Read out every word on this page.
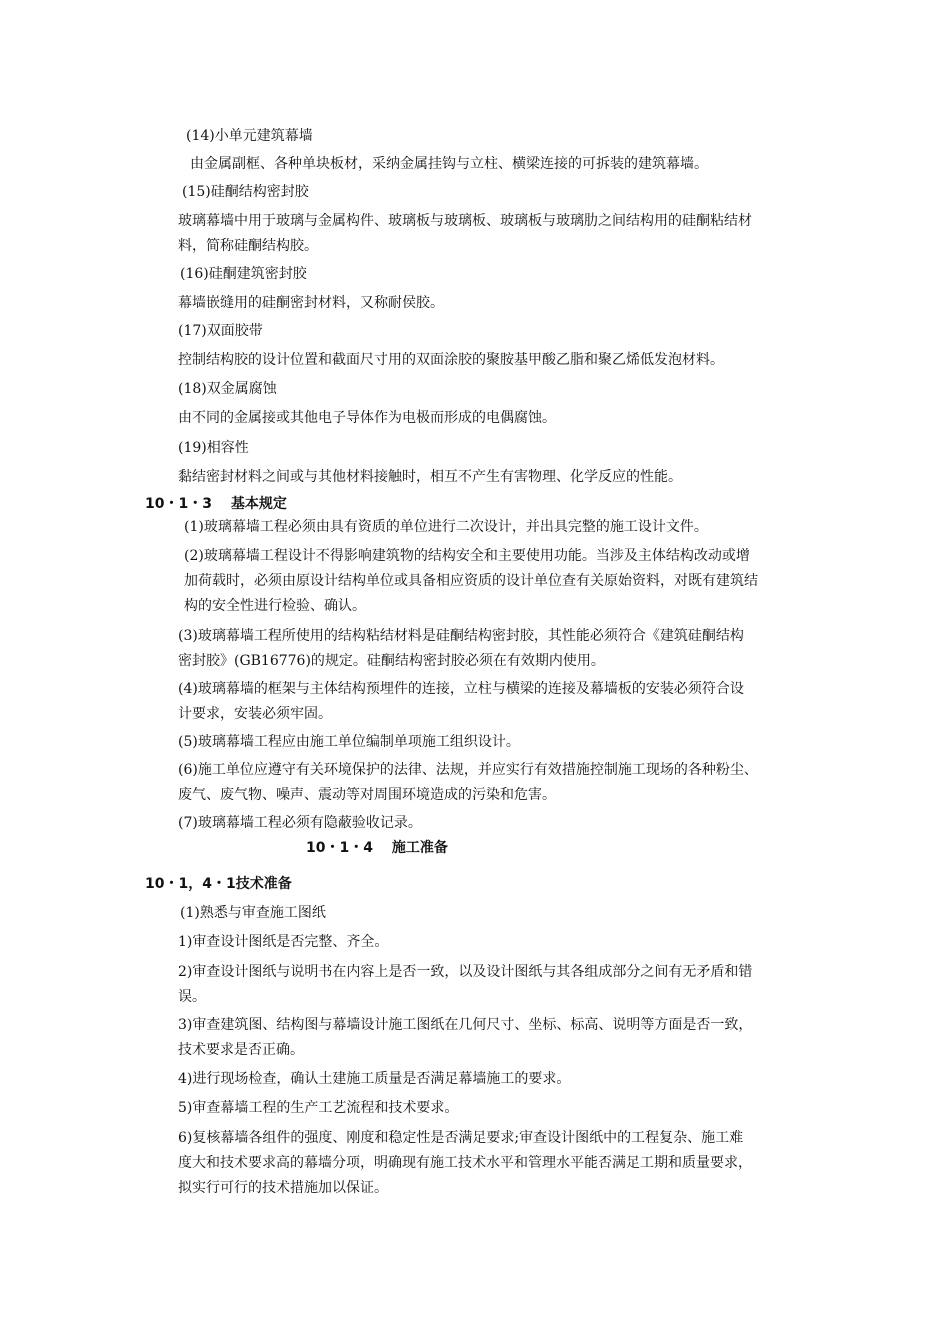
(14)小单元建筑幕墙
由金属副框、各种单块板材，采纳金属挂钩与立柱、横梁连接的可拆装的建筑幕墙。
(15)硅酮结构密封胶
玻璃幕墙中用于玻璃与金属构件、玻璃板与玻璃板、玻璃板与玻璃肋之间结构用的硅酮粘结材
料，简称硅酮结构胶。
(16)硅酮建筑密封胶
幕墙嵌缝用的硅酮密封材料，又称耐侯胶。
(17)双面胶带
控制结构胶的设计位置和截面尺寸用的双面涂胶的聚胺基甲酸乙脂和聚乙烯低发泡材料。
(18)双金属腐蚀
由不同的金属接或其他电子导体作为电极而形成的电偶腐蚀。
(19)相容性
黏结密封材料之间或与其他材料接触时，相互不产生有害物理、化学反应的性能。
10・1・3　 基本规定
(1)玻璃幕墙工程必须由具有资质的单位进行二次设计，并出具完整的施工设计文件。
(2)玻璃幕墙工程设计不得影响建筑物的结构安全和主要使用功能。当涉及主体结构改动或增
加荷载时，必须由原设计结构单位或具备相应资质的设计单位查有关原始资料，对既有建筑结
构的安全性进行检验、确认。
(3)玻璃幕墙工程所使用的结构粘结材料是硅酮结构密封胶，其性能必须符合《建筑硅酮结构
密封胶》(GB16776)的规定。硅酮结构密封胶必须在有效期内使用。
(4)玻璃幕墙的框架与主体结构预埋件的连接，立柱与横梁的连接及幕墙板的安装必须符合设
计要求，安装必须牢固。
(5)玻璃幕墙工程应由施工单位编制单项施工组织设计。
(6)施工单位应遵守有关环境保护的法律、法规，并应实行有效措施控制施工现场的各种粉尘、
废气、废气物、噪声、震动等对周围环境造成的污染和危害。
(7)玻璃幕墙工程必须有隐蔽验收记录。
10・1・4　 施工准备
10・1，4・1技术准备
(1)熟悉与审查施工图纸
1)审查设计图纸是否完整、齐全。
2)审查设计图纸与说明书在内容上是否一致，以及设计图纸与其各组成部分之间有无矛盾和错
误。
3)审查建筑图、结构图与幕墙设计施工图纸在几何尺寸、坐标、标高、说明等方面是否一致，
技术要求是否正确。
4)进行现场检查，确认土建施工质量是否满足幕墙施工的要求。
5)审查幕墙工程的生产工艺流程和技术要求。
6)复核幕墙各组件的强度、刚度和稳定性是否满足要求;审查设计图纸中的工程复杂、施工难
度大和技术要求高的幕墙分项，明确现有施工技术水平和管理水平能否满足工期和质量要求，
拟实行可行的技术措施加以保证。
